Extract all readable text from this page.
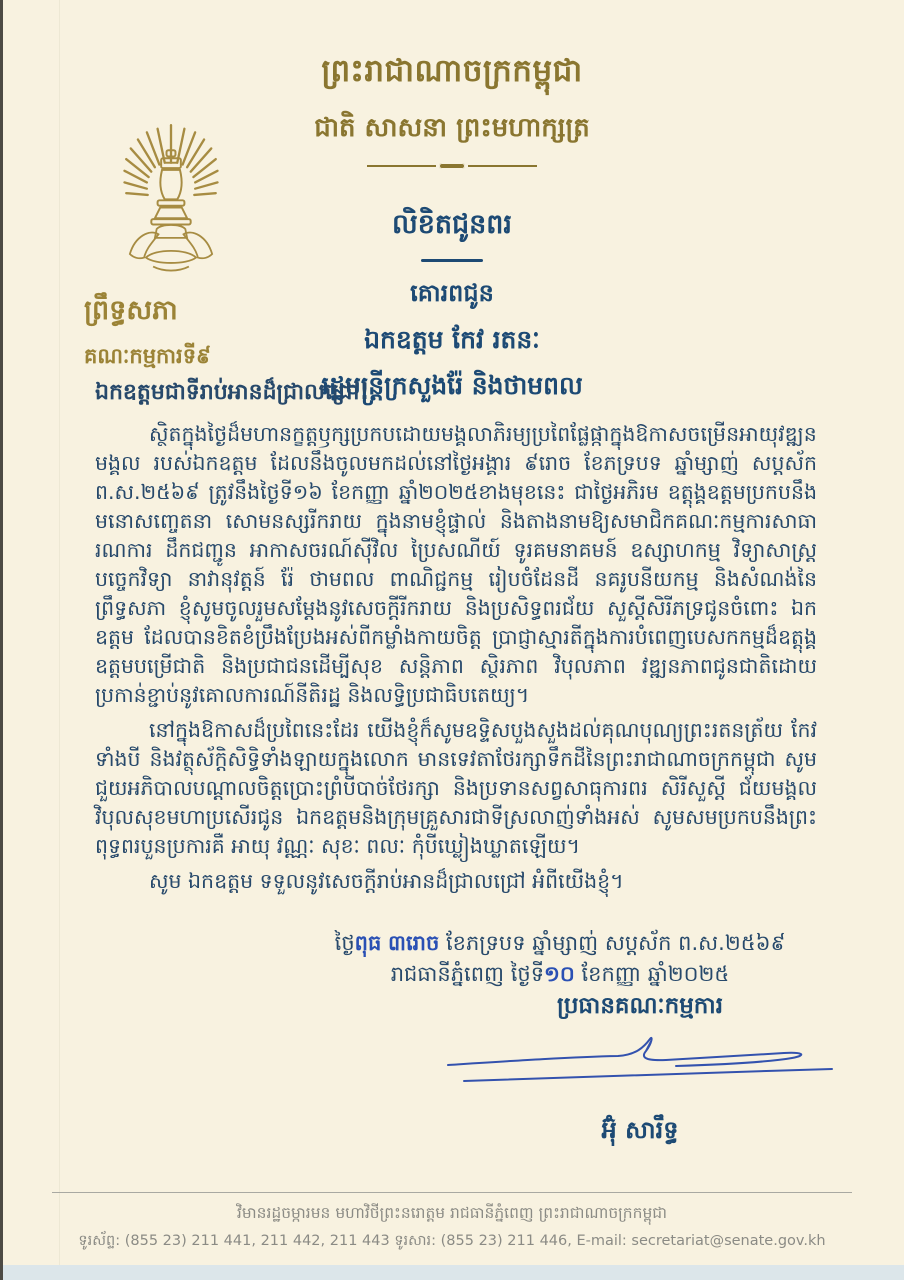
ព្រះរាជាណាចក្រកម្ពុជា
ជាតិ សាសនា ព្រះមហាក្សត្រ
ព្រឹទ្ធសភា
គណៈកម្មការទី៩
លិខិតជូនពរ
គោរពជូន
ឯកឧត្តម កែវ រតនៈ
រដ្ឋមន្ត្រីក្រសួងរ៉ែ និងថាមពល
ឯកឧត្តមជាទីរាប់អានដ៏ជ្រាលជ្រៅ!

ស្ថិតក្នុងថ្ងៃដ៏មហានក្ខត្តឫក្សប្រកបដោយមង្គលាភិរម្យប្រពៃផ្លែផ្កាក្នុងឱកាសចម្រើនអាយុវឌ្ឍនមង្គល របស់ឯកឧត្តម ដែលនឹងចូលមកដល់នៅថ្ងៃអង្គារ ៩រោច ខែភទ្របទ ឆ្នាំម្សាញ់ សប្តស័ក ព.ស.២៥៦៩ ត្រូវនឹងថ្ងៃទី១៦ ខែកញ្ញា ឆ្នាំ២០២៥ខាងមុខនេះ ជាថ្ងៃអភិរម ឧត្តុង្គឧត្តមប្រកបនឹងមនោសញ្ចេតនា សោមនស្សរីករាយ ក្នុងនាមខ្ញុំផ្ទាល់ និងតាងនាមឱ្យសមាជិកគណៈកម្មការសាធារណការ ដឹកជញ្ជូន អាកាសចរណ៍ស៊ីវិល ប្រៃសណីយ៍ ទូរគមនាគមន៍ ឧស្សាហកម្ម វិទ្យាសាស្ត្រ បច្ចេកវិទ្យា នាវានុវត្តន៍ រ៉ែ ថាមពល ពាណិជ្ជកម្ម រៀបចំដែនដី នគរូបនីយកម្ម និងសំណង់នៃព្រឹទ្ធសភា ខ្ញុំសូមចូលរួមសម្តែងនូវសេចក្តីរីករាយ និងប្រសិទ្ធពរជ័យ សួស្តីសិរីភទ្រជូនចំពោះ ឯកឧត្តម ដែលបានខិតខំប្រឹងប្រែងអស់ពីកម្លាំងកាយចិត្ត ប្រាជ្ញាស្មារតីក្នុងការបំពេញបេសកកម្មដ៏ឧត្តុង្គឧត្តមបម្រើជាតិ និងប្រជាជនដើម្បីសុខ សន្តិភាព ស្ថិរភាព វិបុលភាព វឌ្ឍនភាពជូនជាតិដោយប្រកាន់ខ្ជាប់នូវគោលការណ៍នីតិរដ្ឋ និងលទ្ធិប្រជាធិបតេយ្យ។

នៅក្នុងឱកាសដ៏ប្រពៃនេះដែរ យើងខ្ញុំក៏សូមឧទ្ទិសបួងសួងដល់គុណបុណ្យព្រះរតនត្រ័យ កែវទាំងបី និងវត្ថុស័ក្តិសិទ្ធិទាំងឡាយក្នុងលោក មានទេវតាថែរក្សាទឹកដីនៃព្រះរាជាណាចក្រកម្ពុជា សូមជួយអភិបាលបណ្តាលចិត្តប្រោះព្រំបីបាច់ថែរក្សា និងប្រទានសព្វសាធុការពរ សិរីសួស្តី ជ័យមង្គល វិបុលសុខមហាប្រសើរជូន ឯកឧត្តមនិងក្រុមគ្រួសារជាទីស្រលាញ់ទាំងអស់ សូមសមប្រកបនឹងព្រះពុទ្ធពរបួនប្រការគឺ អាយុ វណ្ណៈ សុខៈ ពលៈ កុំបីឃ្លៀងឃ្លាតឡើយ។

សូម ឯកឧត្តម ទទួលនូវសេចក្តីរាប់អានដ៏ជ្រាលជ្រៅ អំពីយើងខ្ញុំ។
ថ្ងៃពុធ ៣រោច ខែភទ្របទ ឆ្នាំម្សាញ់ សប្តស័ក ព.ស.២៥៦៩
រាជធានីភ្នំពេញ ថ្ងៃទី១០ ខែកញ្ញា ឆ្នាំ២០២៥
ប្រធានគណៈកម្មការ
អ៊ុំ សារឹទ្ធ
វិមានរដ្ឋចម្ការមន មហាវិថីព្រះនរោត្តម រាជធានីភ្នំពេញ ព្រះរាជាណាចក្រកម្ពុជា
ទូរស័ព្ទ: (855 23) 211 441, 211 442, 211 443 ទូរសារ: (855 23) 211 446, E-mail: secretariat@senate.gov.kh
